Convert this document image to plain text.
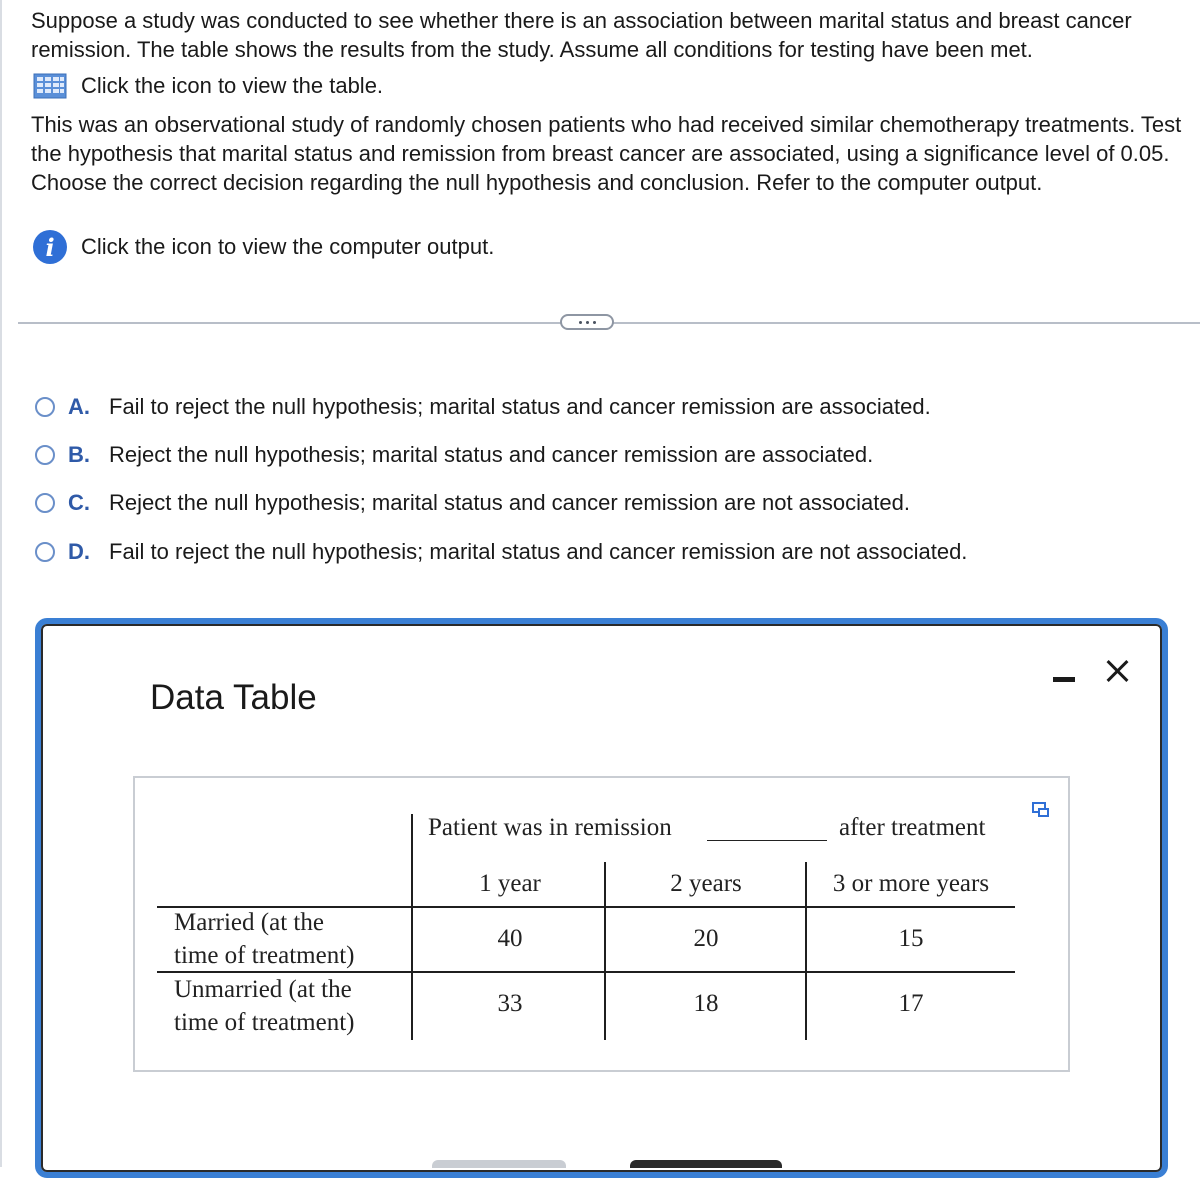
Suppose a study was conducted to see whether there is an association between marital status and breast cancer remission. The table shows the results from the study. Assume all conditions for testing have been met.

Click the icon to view the table.

This was an observational study of randomly chosen patients who had received similar chemotherapy treatments. Test the hypothesis that marital status and remission from breast cancer are associated, using a significance level of 0.05. Choose the correct decision regarding the null hypothesis and conclusion. Refer to the computer output.

i	Click the icon to view the computer output.
A. Fail to reject the null hypothesis; marital status and cancer remission are associated.
B. Reject the null hypothesis; marital status and cancer remission are associated.
C. Reject the null hypothesis; marital status and cancer remission are not associated.
D. Fail to reject the null hypothesis; marital status and cancer remission are not associated.
Data Table
Patient was in remission	after treatment
1 year	2 years	3 or more years
Married (at the
time of treatment)
40	20	15
Unmarried (at the
time of treatment)
33	18	17
